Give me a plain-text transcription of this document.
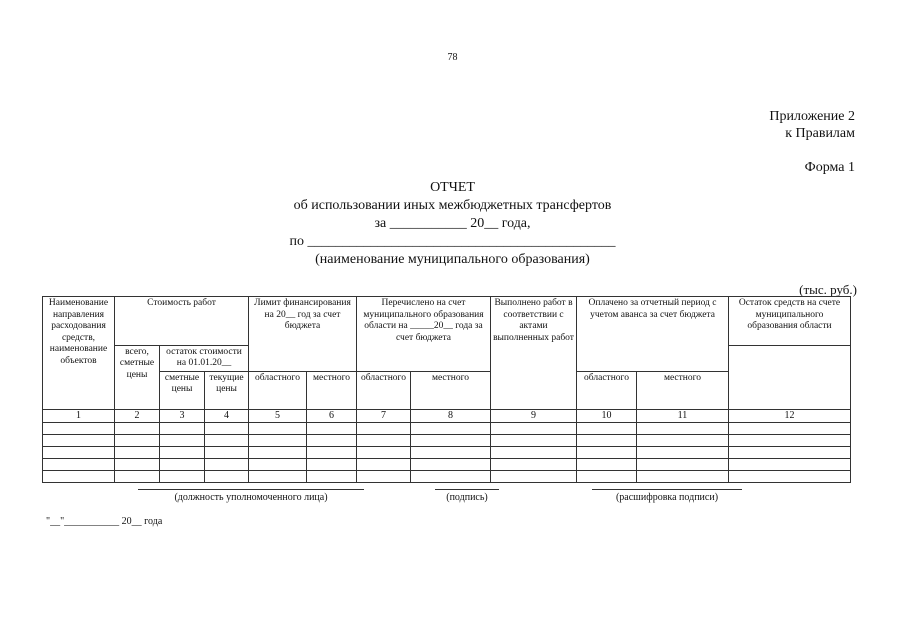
78
Приложение 2
к Правилам
Форма 1
ОТЧЕТ
об использовании иных межбюджетных трансфертов
за ___________ 20__ года,
по ____________________________________________
(наименование муниципального образования)
(тыс. руб.)
Наименование направления расходования средств, наименование объектов	Стоимость работ			Лимит финансирования на 20__ год за счет бюджета		Перечислено на счет муниципального образования области на _____20__ года за счет бюджета		Выполнено работ в соответствии с актами выполненных работ	Оплачено за отчетный период с учетом аванса за счет бюджета		Остаток средств на счете муниципального образования области
	всего, сметные цены	остаток стоимости на 01.01.20__									
		сметные цены	текущие цены	областного	местного	областного	местного		областного	местного	
1	2	3	4	5	6	7	8	9	10	11	12

(должность уполномоченного лица)	(подпись)	(расшифровка подписи)
"__"___________ 20__ года
